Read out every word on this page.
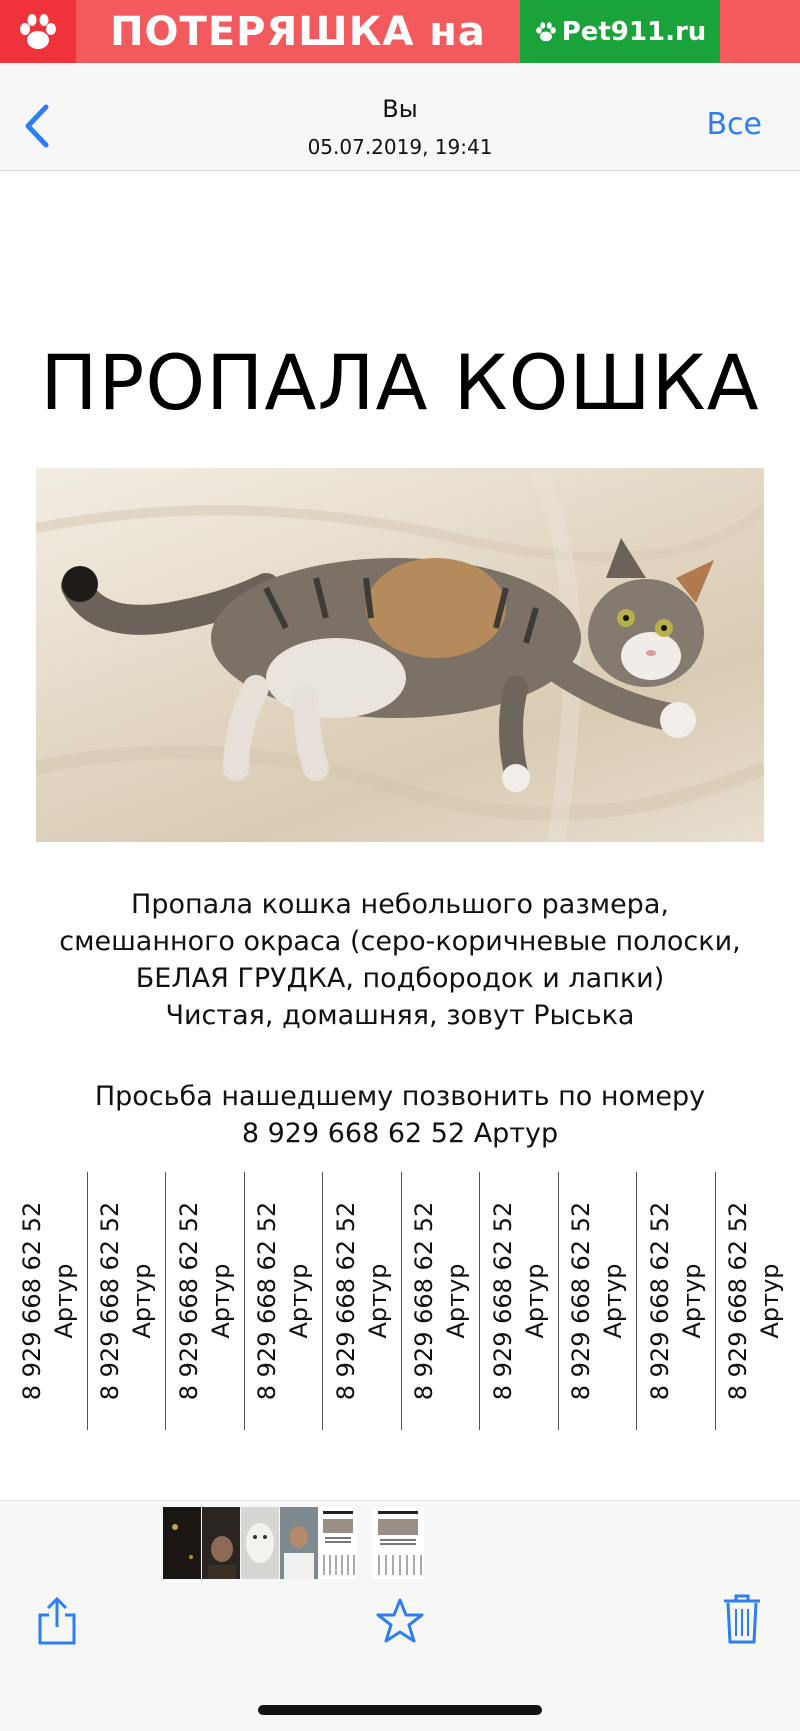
ПОТЕРЯШКА на	Pet911.ru
Вы
05.07.2019, 19:41
Все
ПРОПАЛА КОШКА
Пропала кошка небольшого размера,
смешанного окраса (серо-коричневые полоски,
БЕЛАЯ ГРУДКА, подбородок и лапки)
Чистая, домашняя, зовут Рыська
Просьба нашедшему позвонить по номеру
8 929 668 62 52 Артур
8 929 668 62 52 Артур 8 929 668 62 52 Артур 8 929 668 62 52 Артур 8 929 668 62 52 Артур 8 929 668 62 52 Артур 8 929 668 62 52 Артур 8 929 668 62 52 Артур 8 929 668 62 52 Артур 8 929 668 62 52 Артур 8 929 668 62 52 Артур
